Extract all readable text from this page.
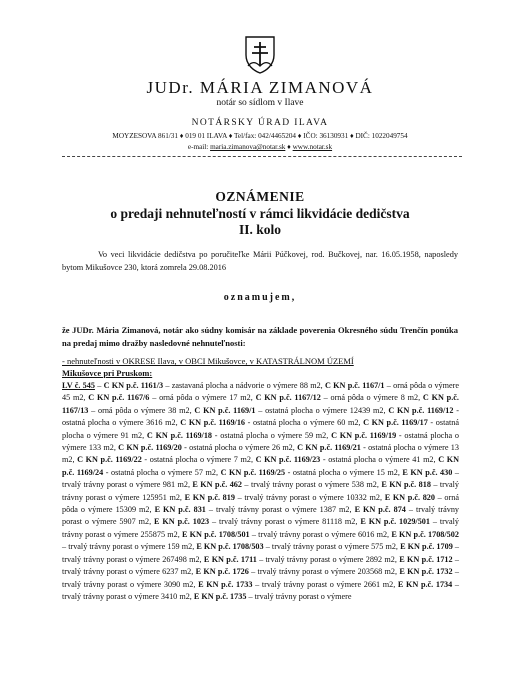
JUDr. MÁRIA ZIMANOVÁ
notár so sídlom v Ilave
NOTÁRSKY ÚRAD ILAVA
MOYZESOVA 861/31 ♦ 019 01 ILAVA ♦ Tel/fax: 042/4465204 ♦ IČO: 36130931 ♦ DIČ: 1022049754
e-mail: maria.zimanova@notar.sk ♦ www.notar.sk
OZNÁMENIE
o predaji nehnuteľností v rámci likvidácie dedičstva
II. kolo
Vo veci likvidácie dedičstva po poručiteľke Márii Púčkovej, rod. Bučkovej, nar. 16.05.1958, naposledy bytom Mikušovce 230, ktorá zomrela 29.08.2016
oznamujem,
že JUDr. Mária Zimanová, notár ako súdny komisár na základe poverenia Okresného súdu Trenčín ponúka na predaj mimo dražby nasledovné nehnuteľnosti:
- nehnuteľnosti v OKRESE Ilava, v OBCI Mikušovce, v KATASTRÁLNOM ÚZEMÍ
Mikušovce pri Pruskom:
LV č. 545 – C KN p.č. 1161/3 – zastavaná plocha a nádvorie o výmere 88 m2, C KN p.č. 1167/1 – orná pôda o výmere 45 m2, C KN p.č. 1167/6 – orná pôda o výmere 17 m2, C KN p.č. 1167/12 – orná pôda o výmere 8 m2, C KN p.č. 1167/13 – orná pôda o výmere 38 m2, C KN p.č. 1169/1 – ostatná plocha o výmere 12439 m2, C KN p.č. 1169/12 - ostatná plocha o výmere 3616 m2, C KN p.č. 1169/16 - ostatná plocha o výmere 60 m2, C KN p.č. 1169/17 - ostatná plocha o výmere 91 m2, C KN p.č. 1169/18 - ostatná plocha o výmere 59 m2, C KN p.č. 1169/19 - ostatná plocha o výmere 133 m2, C KN p.č. 1169/20 - ostatná plocha o výmere 26 m2, C KN p.č. 1169/21 - ostatná plocha o výmere 13 m2, C KN p.č. 1169/22 - ostatná plocha o výmere 7 m2, C KN p.č. 1169/23 - ostatná plocha o výmere 41 m2, C KN p.č. 1169/24 - ostatná plocha o výmere 57 m2, C KN p.č. 1169/25 - ostatná plocha o výmere 15 m2, E KN p.č. 430 – trvalý trávny porast o výmere 981 m2, E KN p.č. 462 – trvalý trávny porast o výmere 538 m2, E KN p.č. 818 – trvalý trávny porast o výmere 125951 m2, E KN p.č. 819 – trvalý trávny porast o výmere 10332 m2, E KN p.č. 820 – orná pôda o výmere 15309 m2, E KN p.č. 831 – trvalý trávny porast o výmere 1387 m2, E KN p.č. 874 – trvalý trávny porast o výmere 5907 m2, E KN p.č. 1023 – trvalý trávny porast o výmere 81118 m2, E KN p.č. 1029/501 – trvalý trávny porast o výmere 255875 m2, E KN p.č. 1708/501 – trvalý trávny porast o výmere 6016 m2, E KN p.č. 1708/502 – trvalý trávny porast o výmere 159 m2, E KN p.č. 1708/503 – trvalý trávny porast o výmere 575 m2, E KN p.č. 1709 – trvalý trávny porast o výmere 267498 m2, E KN p.č. 1711 – trvalý trávny porast o výmere 2892 m2, E KN p.č. 1712 – trvalý trávny porast o výmere 6237 m2, E KN p.č. 1726 – trvalý trávny porast o výmere 203568 m2, E KN p.č. 1732 – trvalý trávny porast o výmere 3090 m2, E KN p.č. 1733 – trvalý trávny porast o výmere 2661 m2, E KN p.č. 1734 – trvalý trávny porast o výmere 3410 m2, E KN p.č. 1735 – trvalý trávny porast o výmere
